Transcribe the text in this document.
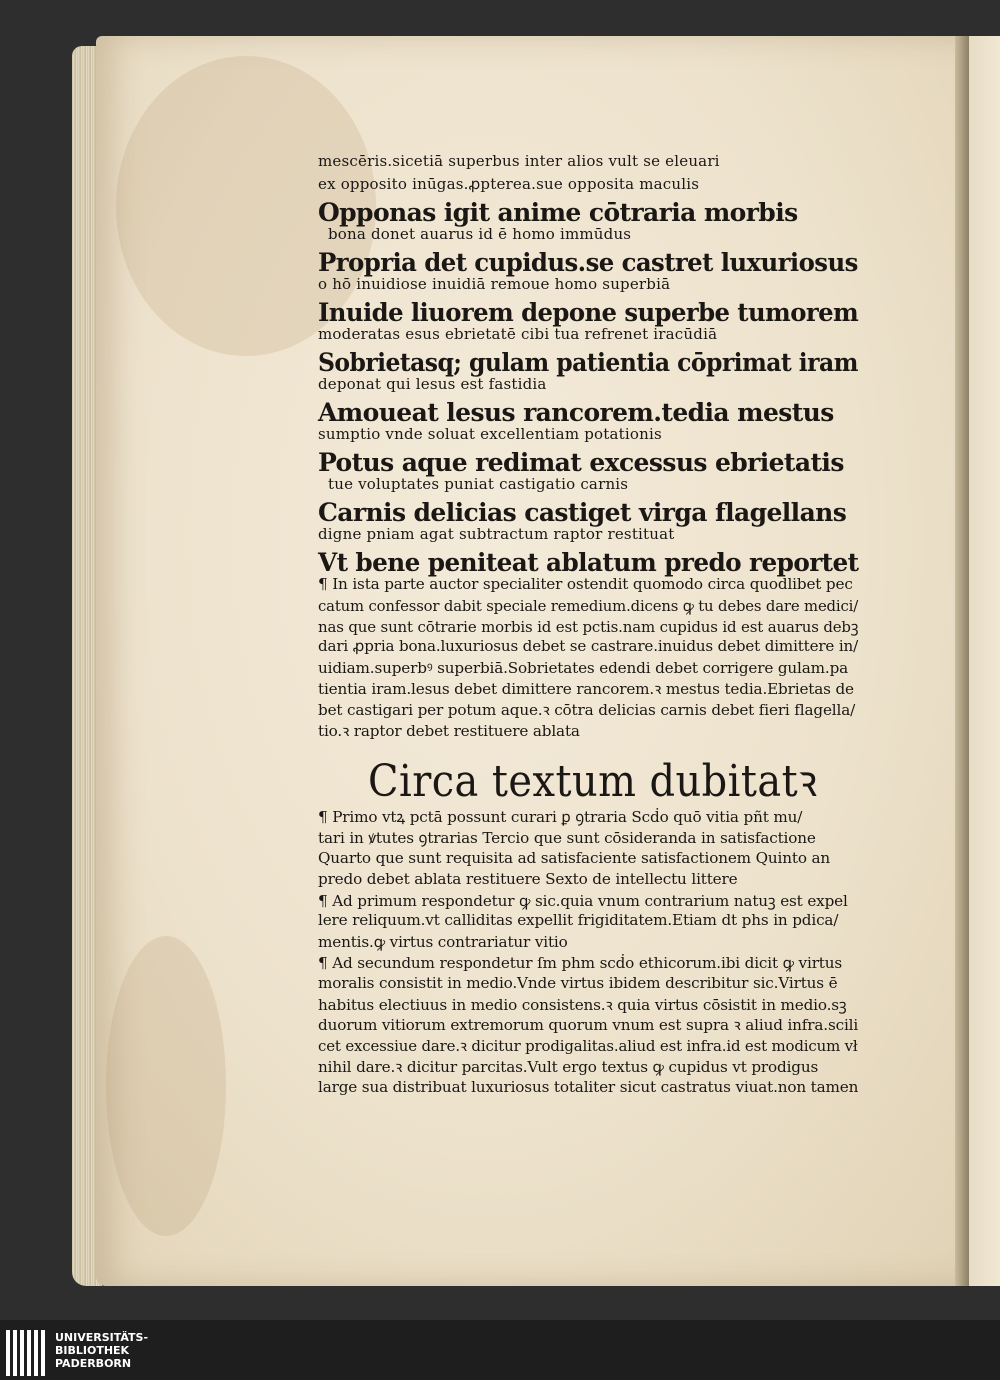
mescēris.sicetiā superbus inter alios vult se eleuari
ex opposito inūgas.ꝓpterea.sue opposita maculis
Opponas igit anime cōtraria morbis
bona donet auarus id ē homo immūdus
Propria det cupidus.se castret luxuriosus
o hō inuidiose inuidiā remoue homo superbiā
Inuide liuorem depone superbe tumorem
moderatas esus ebrietatē cibi tua refrenet iracūdiā
Sobrietasq; gulam patientia cōprimat iram
deponat qui lesus est fastidia
Amoueat lesus rancorem.tedia mestus
sumptio vnde soluat excellentiam potationis
Potus aque redimat excessus ebrietatis
tue voluptates puniat castigatio carnis
Carnis delicias castiget virga flagellans
digne pniam agat subtractum raptor restituat
Vt bene peniteat ablatum predo reportet
¶ In ista parte auctor specialiter ostendit quomodo circa quodlibet pec
catum confessor dabit speciale remedium.dicens ꝙ tu debes dare medici/
nas que sunt cōtrarie morbis id est pctis.nam cupidus id est auarus debꝫ
dari ꝓpria bona.luxuriosus debet se castrare.inuidus debet dimittere in/
uidiam.superbꝰ superbiā.Sobrietates edendi debet corrigere gulam.pa
tientia iram.lesus debet dimittere rancorem.ꝛ mestus tedia.Ebrietas de
bet castigari per potum aque.ꝛ cōtra delicias carnis debet fieri flagella/
tio.ꝛ raptor debet restituere ablata
Circa textum dubitatꝛ
¶ Primo vtꝝ pctā possunt curari ꝑ ꝯtraria Scḋo quō vitia pñt mu/
tari in ꝟtutes ꝯtrarias Tercio que sunt cōsideranda in satisfactione
Quarto que sunt requisita ad satisfaciente satisfactionem Quinto an
predo debet ablata restituere Sexto de intellectu littere
¶ Ad primum respondetur ꝙ sic.quia vnum contrarium natuꝫ est expel
lere reliquum.vt calliditas expellit frigiditatem.Etiam dt phs in pdica/
mentis.ꝙ virtus contrariatur vitio
¶ Ad secundum respondetur ſm phm scḋo ethicorum.ibi dicit ꝙ virtus
moralis consistit in medio.Vnde virtus ibidem describitur sic.Virtus ē
habitus electiuus in medio consistens.ꝛ quia virtus cōsistit in medio.sꝫ
duorum vitiorum extremorum quorum vnum est supra ꝛ aliud infra.scili
cet excessiue dare.ꝛ dicitur prodigalitas.aliud est infra.id est modicum vł
nihil dare.ꝛ dicitur parcitas.Vult ergo textus ꝙ cupidus vt prodigus
large sua distribuat luxuriosus totaliter sicut castratus viuat.non tamen
UNIVERSITÄTS-
BIBLIOTHEK
PADERBORN
